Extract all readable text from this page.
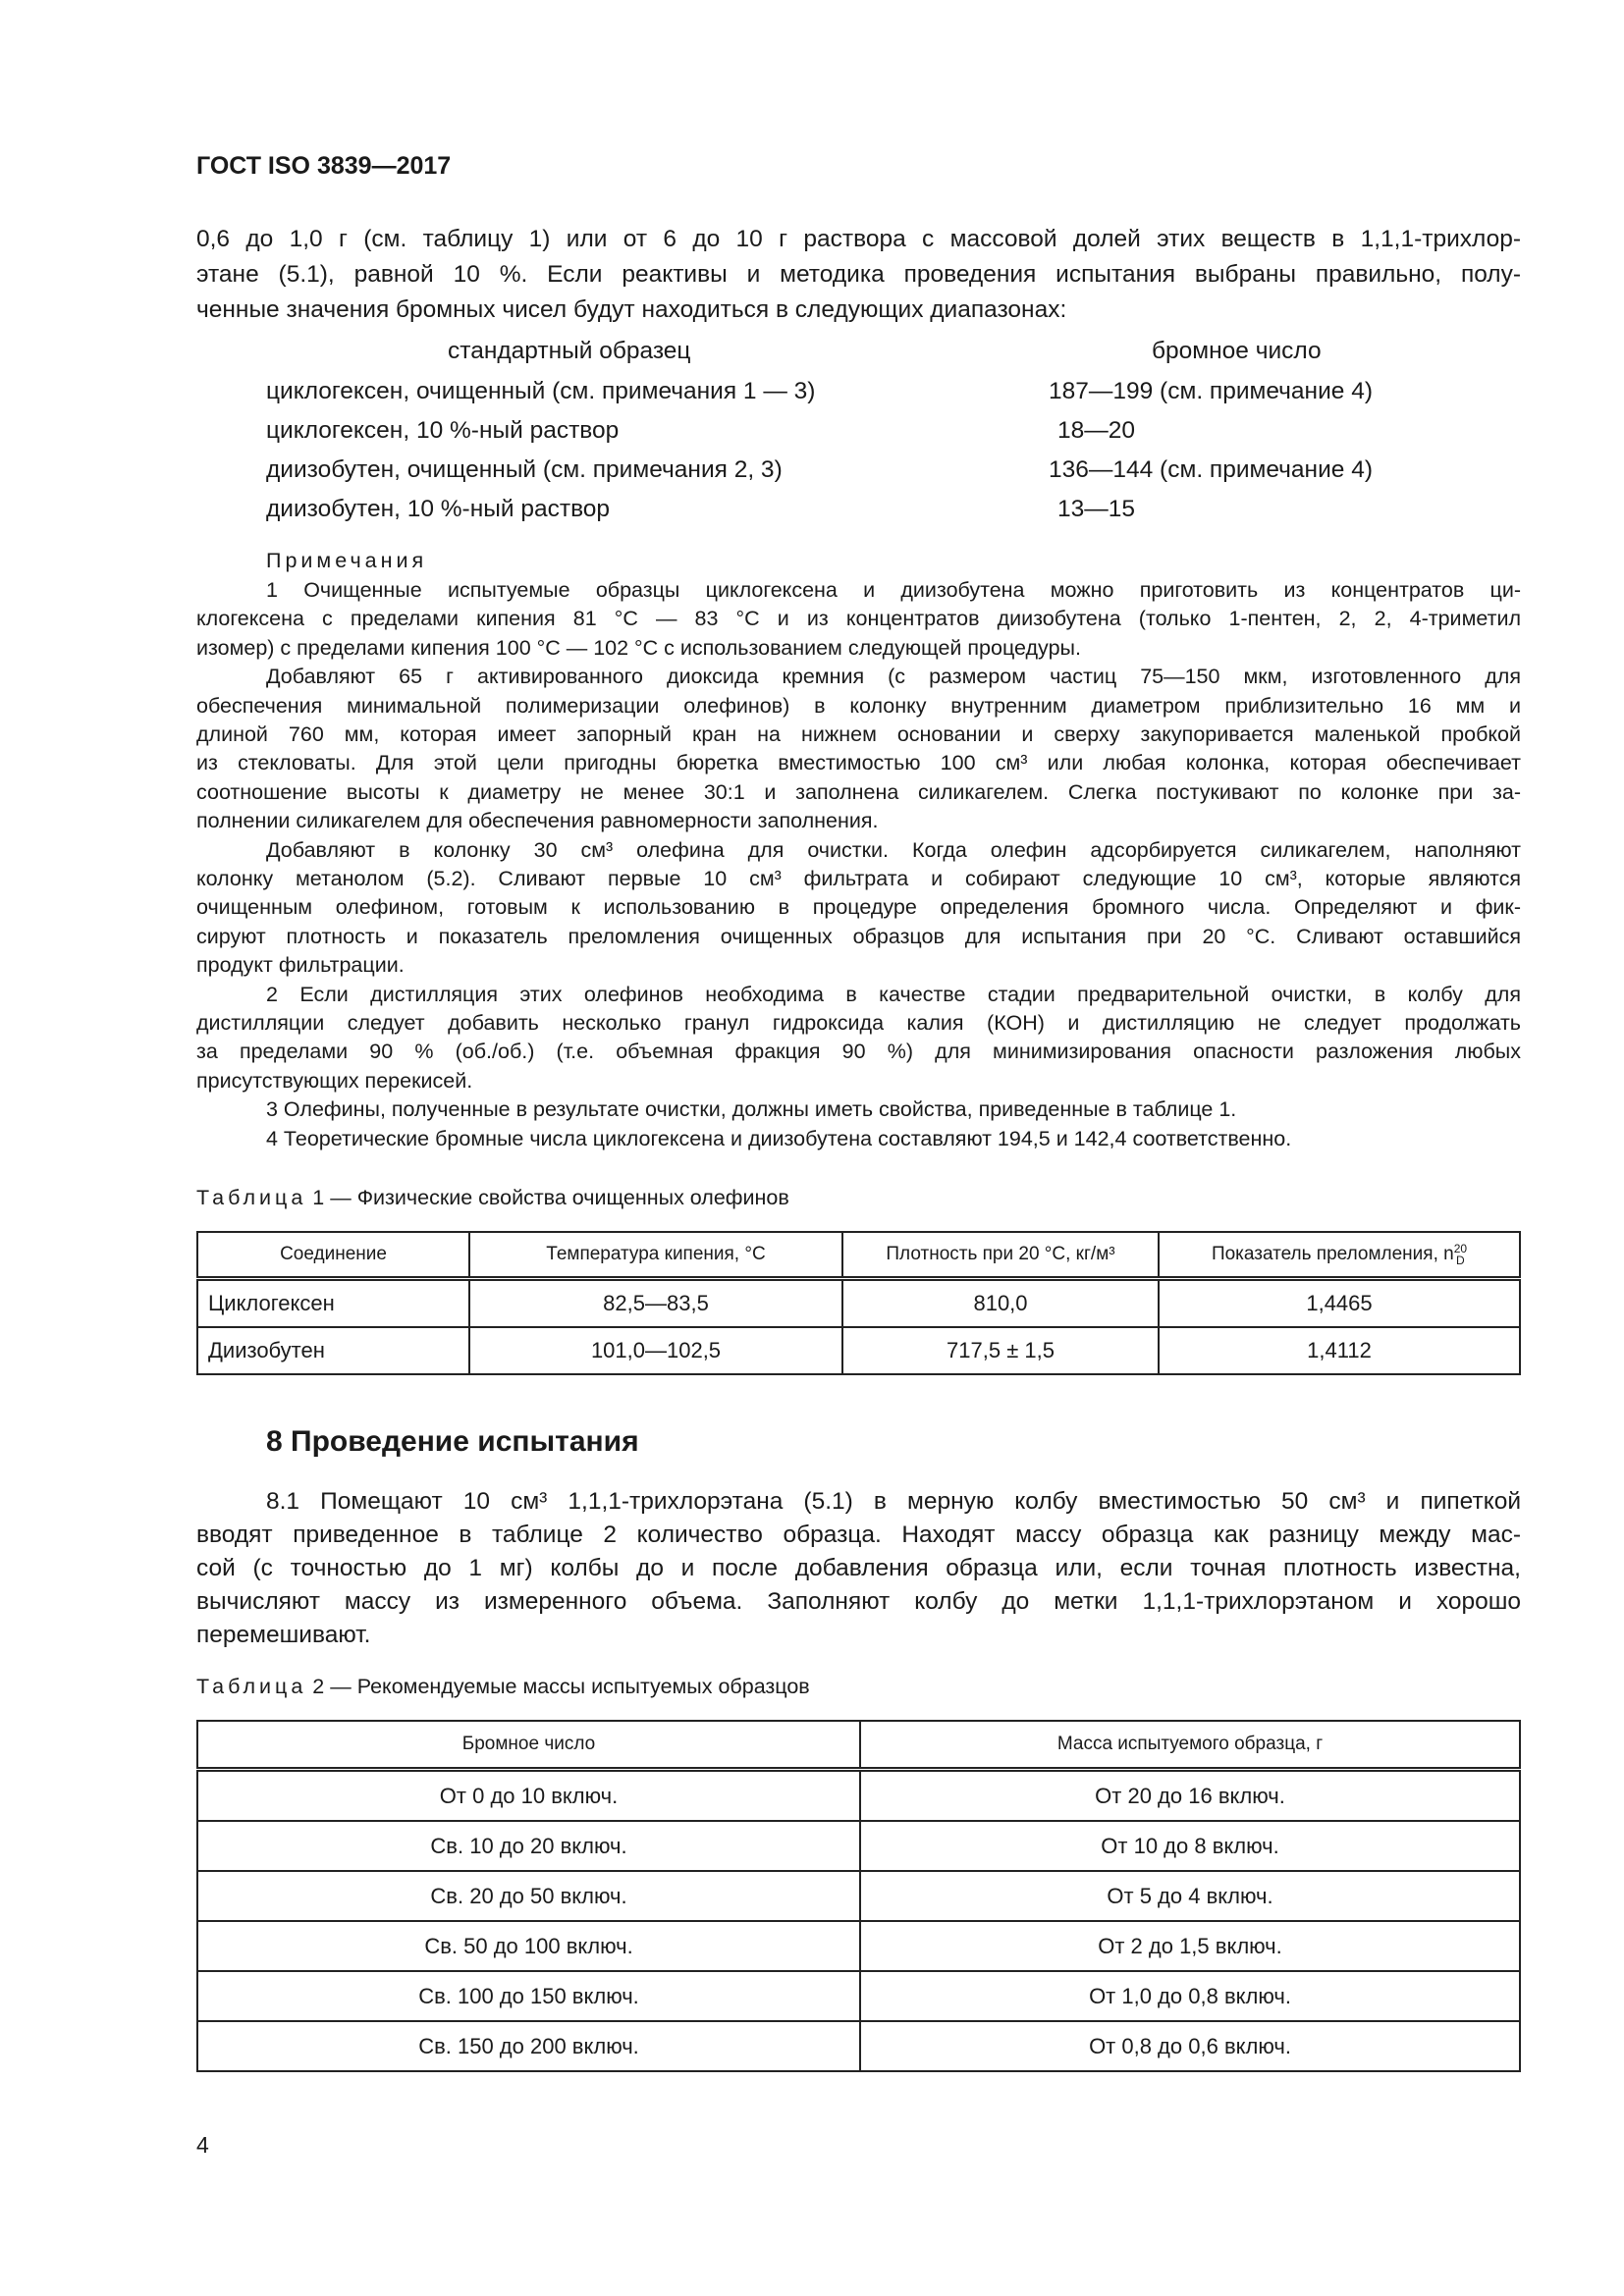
ГОСТ ISO 3839—2017
0,6 до 1,0 г (см. таблицу 1) или от 6 до 10 г раствора с массовой долей этих веществ в 1,1,1-трихлор-
этане (5.1), равной 10 %. Если реактивы и методика проведения испытания выбраны правильно, полу-
ченные значения бромных чисел будут находиться в следующих диапазонах:
стандартный образец	бромное число
циклогексен, очищенный (см. примечания 1 — 3)	187—199 (см. примечание 4)
циклогексен, 10 %-ный раствор	18—20
диизобутен, очищенный (см. примечания 2, 3)	136—144 (см. примечание 4)
диизобутен, 10 %-ный раствор	13—15
Примечания
1 Очищенные испытуемые образцы циклогексена и диизобутена можно приготовить из концентратов ци-
клогексена с пределами кипения 81 °С — 83 °С и из концентратов диизобутена (только 1-пентен, 2, 2, 4-триметил
изомер) с пределами кипения 100 °С — 102 °С с использованием следующей процедуры.
Добавляют 65 г активированного диоксида кремния (с размером частиц 75—150 мкм, изготовленного для
обеспечения минимальной полимеризации олефинов) в колонку внутренним диаметром приблизительно 16 мм и
длиной 760 мм, которая имеет запорный кран на нижнем основании и сверху закупоривается маленькой пробкой
из стекловаты. Для этой цели пригодны бюретка вместимостью 100 см³ или любая колонка, которая обеспечивает
соотношение высоты к диаметру не менее 30:1 и заполнена силикагелем. Слегка постукивают по колонке при за-
полнении силикагелем для обеспечения равномерности заполнения.
Добавляют в колонку 30 см³ олефина для очистки. Когда олефин адсорбируется силикагелем, наполняют
колонку метанолом (5.2). Сливают первые 10 см³ фильтрата и собирают следующие 10 см³, которые являются
очищенным олефином, готовым к использованию в процедуре определения бромного числа. Определяют и фик-
сируют плотность и показатель преломления очищенных образцов для испытания при 20 °С. Сливают оставшийся
продукт фильтрации.
2 Если дистилляция этих олефинов необходима в качестве стадии предварительной очистки, в колбу для
дистилляции следует добавить несколько гранул гидроксида калия (КОН) и дистилляцию не следует продолжать
за пределами 90 % (об./об.) (т.е. объемная фракция 90 %) для минимизирования опасности разложения любых
присутствующих перекисей.
3 Олефины, полученные в результате очистки, должны иметь свойства, приведенные в таблице 1.
4 Теоретические бромные числа циклогексена и диизобутена составляют 194,5 и 142,4 соответственно.
Таблица 1 — Физические свойства очищенных олефинов
Соединение	Температура кипения, °С	Плотность при 20 °С, кг/м³	Показатель преломления, n 20
D

Циклогексен	82,5—83,5	810,0	1,4465
Диизобутен	101,0—102,5	717,5 ± 1,5	1,4112
8 Проведение испытания
8.1 Помещают 10 см³ 1,1,1-трихлорэтана (5.1) в мерную колбу вместимостью 50 см³ и пипеткой
вводят приведенное в таблице 2 количество образца. Находят массу образца как разницу между мас-
сой (с точностью до 1 мг) колбы до и после добавления образца или, если точная плотность известна,
вычисляют массу из измеренного объема. Заполняют колбу до метки 1,1,1-трихлорэтаном и хорошо
перемешивают.
Таблица 2 — Рекомендуемые массы испытуемых образцов
Бромное число	Масса испытуемого образца, г
От 0 до 10 включ.	От 20 до 16 включ.
Св. 10 до 20 включ.	От 10 до 8 включ.
Св. 20 до 50 включ.	От 5 до 4 включ.
Св. 50 до 100 включ.	От 2 до 1,5 включ.
Св. 100 до 150 включ.	От 1,0 до 0,8 включ.
Св. 150 до 200 включ.	От 0,8 до 0,6 включ.
4
